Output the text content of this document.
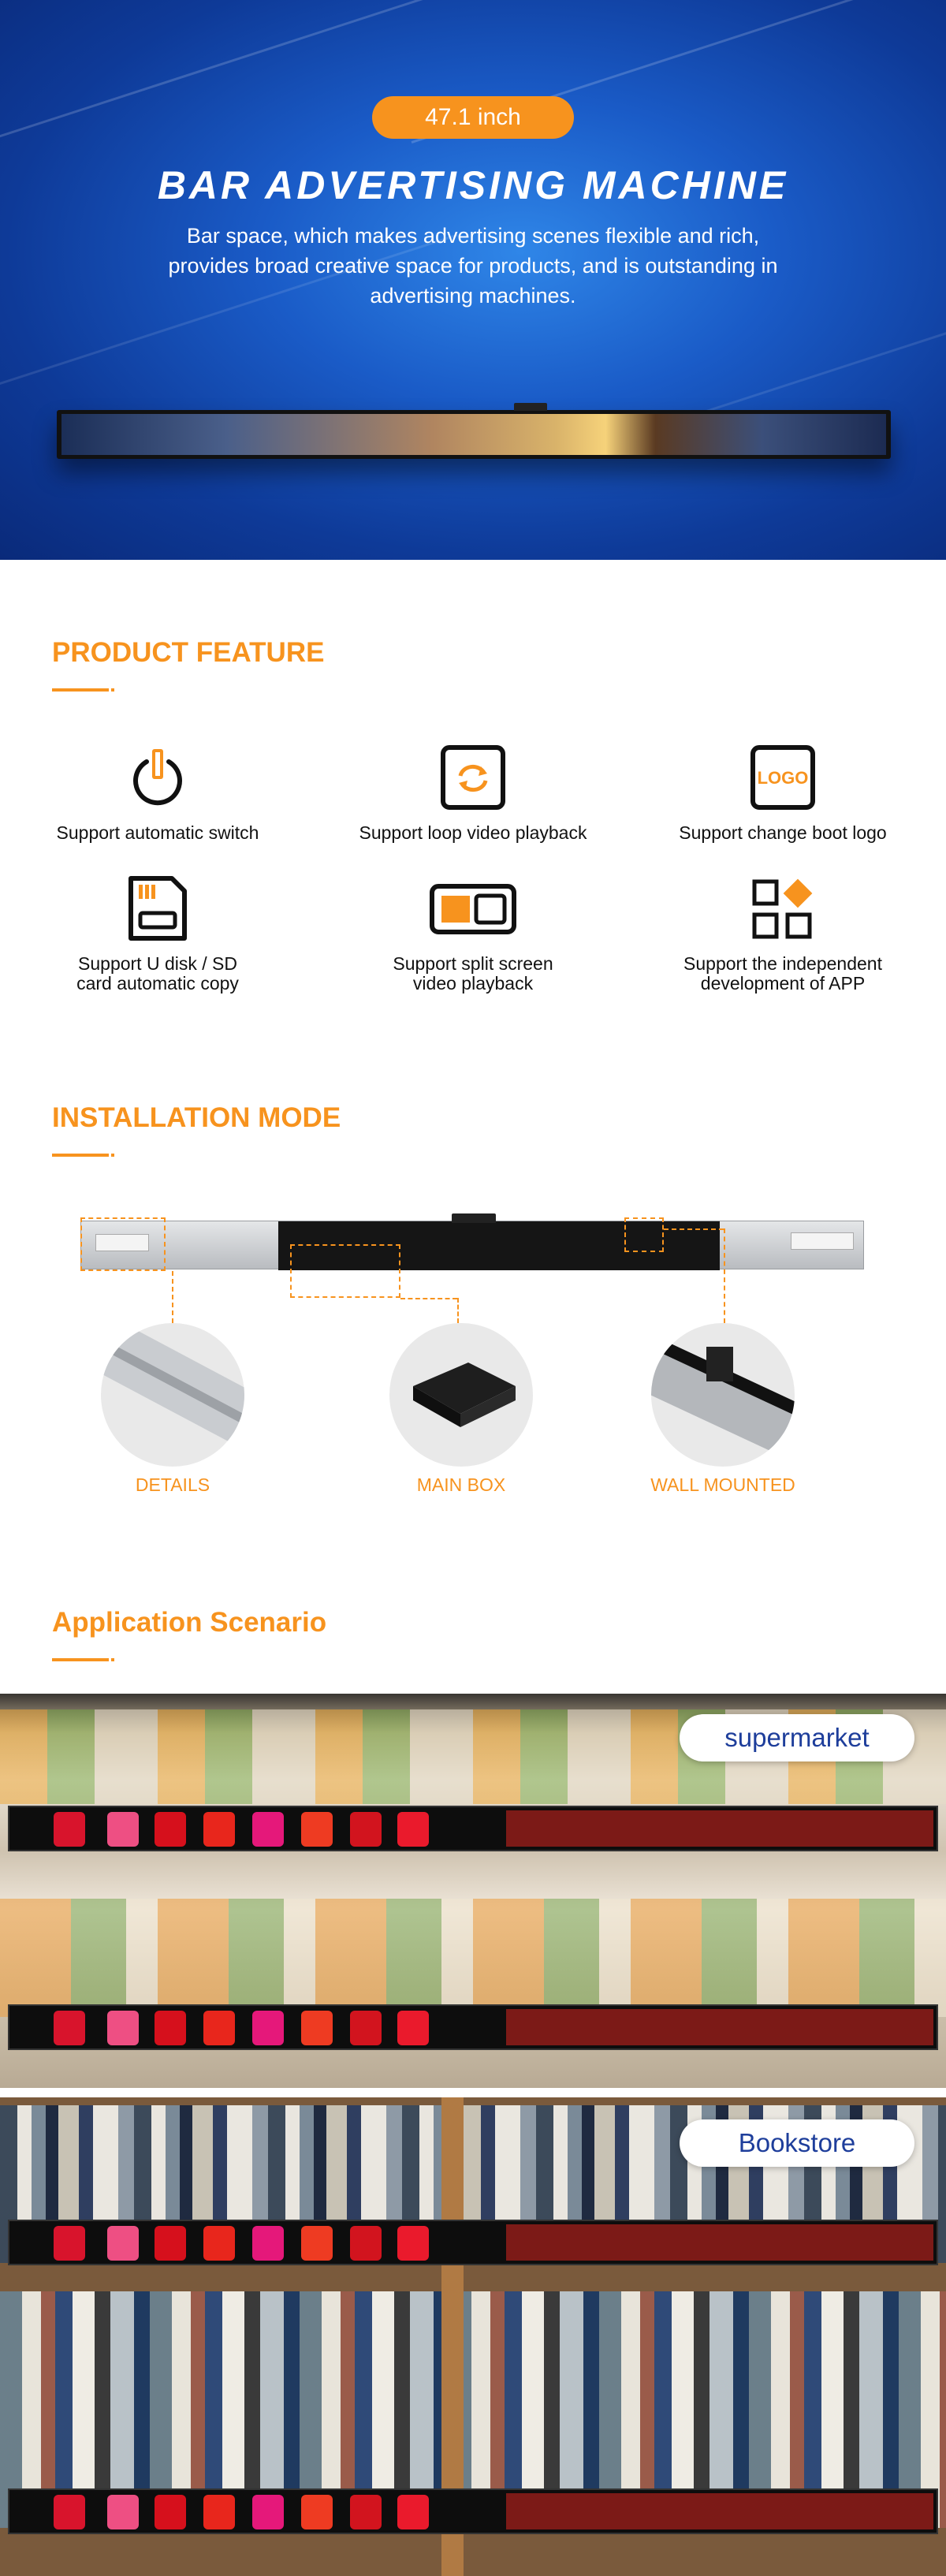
47.1 inch
BAR ADVERTISING MACHINE

Bar space, which makes advertising scenes flexible and rich, provides broad creative space for products, and is outstanding in advertising machines.

PRODUCT FEATURE
Support automatic switch	Support loop video playback
LOGO
Support change boot logo
Support U disk / SD card automatic copy
Support split screen video playback
Support the independent development of APP
INSTALLATION MODE
DETAILS	MAIN BOX	WALL MOUNTED
Application Scenario
supermarket
Bookstore
